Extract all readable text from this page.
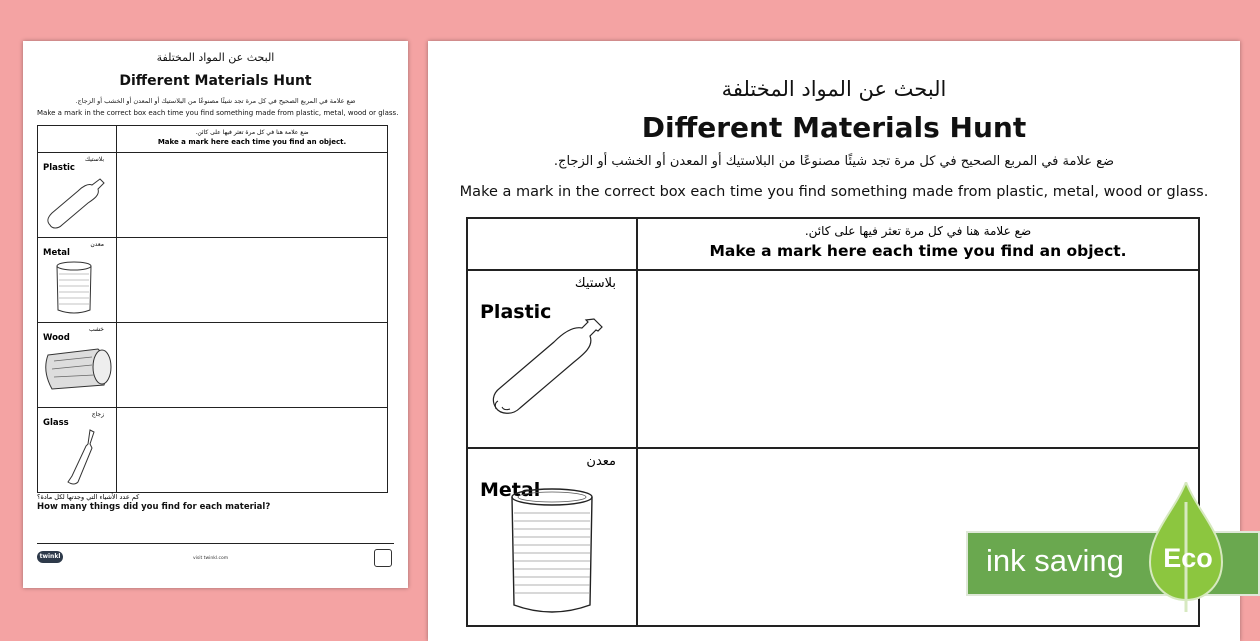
البحث عن المواد المختلفة
Different Materials Hunt
ضع علامة في المربع الصحيح في كل مرة تجد شيئًا مصنوعًا من البلاستيك أو المعدن أو الخشب أو الزجاج.
Make a mark in the correct box each time you find something made from plastic, metal, wood or glass.

	ضع علامة هنا في كل مرة تعثر فيها على كائن.
Make a mark here each time you find an object.

بلاستيك
Plastic	

معدن
Metal	

خشب
Wood	

زجاج
Glass	

كم عدد الأشياء التي وجدتها لكل مادة؟
How many things did you find for each material?
twinkl	visit twinkl.com
البحث عن المواد المختلفة
Different Materials Hunt
ضع علامة في المربع الصحيح في كل مرة تجد شيئًا مصنوعًا من البلاستيك أو المعدن أو الخشب أو الزجاج.
Make a mark in the correct box each time you find something made from plastic, metal, wood or glass.

	ضع علامة هنا في كل مرة تعثر فيها على كائن.
Make a mark here each time you find an object.

بلاستيك
Plastic	

معدن
Metal	

ink saving Eco
